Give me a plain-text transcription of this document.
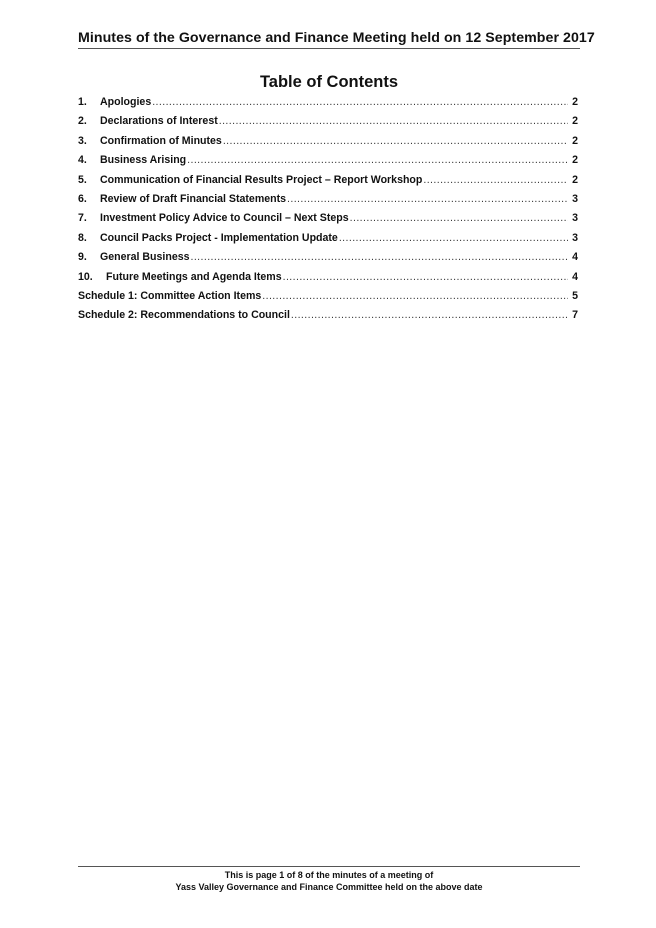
Minutes of the Governance and Finance Meeting held on 12 September 2017
Table of Contents
1.	Apologies .....	2
2.	Declarations of Interest .....	2
3.	Confirmation of Minutes .....	2
4.	Business Arising .....	2
5.	Communication of Financial Results Project – Report Workshop .....	2
6.	Review of Draft Financial Statements .....	3
7.	Investment Policy Advice to Council – Next Steps .....	3
8.	Council Packs Project - Implementation Update .....	3
9.	General Business .....	4
10.	Future Meetings and Agenda Items .....	4
Schedule 1: Committee Action Items .....	5
Schedule 2: Recommendations to Council .....	7
This is page 1 of 8 of the minutes of a meeting of
Yass Valley Governance and Finance Committee held on the above date
